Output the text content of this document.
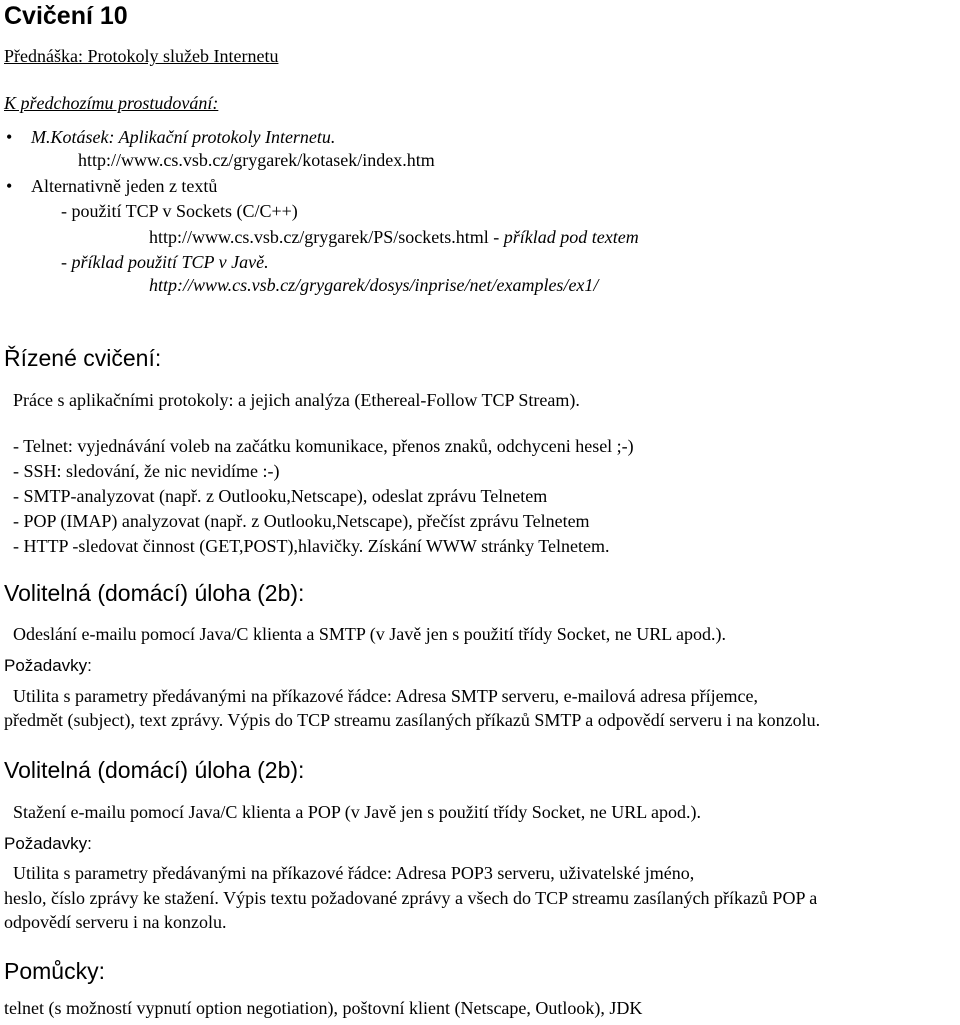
Cvičení 10
Přednáška: Protokoly služeb Internetu
K předchozímu prostudování:
• M.Kotásek: Aplikační protokoly Internetu.
http://www.cs.vsb.cz/grygarek/kotasek/index.htm
• Alternativně jeden z textů
- použití TCP v Sockets (C/C++)
http://www.cs.vsb.cz/grygarek/PS/sockets.html - příklad pod textem
- příklad použití TCP v Javě.
http://www.cs.vsb.cz/grygarek/dosys/inprise/net/examples/ex1/
Řízené cvičení:
Práce s aplikačními protokoly: a jejich analýza (Ethereal-Follow TCP Stream).
- Telnet: vyjednávání voleb na začátku komunikace, přenos znaků, odchyceni hesel ;-)
- SSH: sledování, že nic nevidíme :-)
- SMTP-analyzovat (např. z Outlooku,Netscape), odeslat zprávu Telnetem
- POP (IMAP) analyzovat (např. z Outlooku,Netscape), přečíst zprávu Telnetem
- HTTP -sledovat činnost (GET,POST),hlavičky. Získání WWW stránky Telnetem.
Volitelná (domácí) úloha (2b):
Odeslání e-mailu pomocí Java/C klienta a SMTP (v Javě jen s použití třídy Socket, ne URL apod.).
Požadavky:
Utilita s parametry předávanými na příkazové řádce: Adresa SMTP serveru, e-mailová adresa příjemce,
předmět (subject), text zprávy. Výpis do TCP streamu zasílaných příkazů SMTP a odpovědí serveru i na konzolu.
Volitelná (domácí) úloha (2b):
Stažení e-mailu pomocí Java/C klienta a POP (v Javě jen s použití třídy Socket, ne URL apod.).
Požadavky:
Utilita s parametry předávanými na příkazové řádce: Adresa POP3 serveru, uživatelské jméno,
heslo, číslo zprávy ke stažení. Výpis textu požadované zprávy a všech do TCP streamu zasílaných příkazů POP a
odpovědí serveru i na konzolu.
Pomůcky:
telnet (s možností vypnutí option negotiation), poštovní klient (Netscape, Outlook), JDK
